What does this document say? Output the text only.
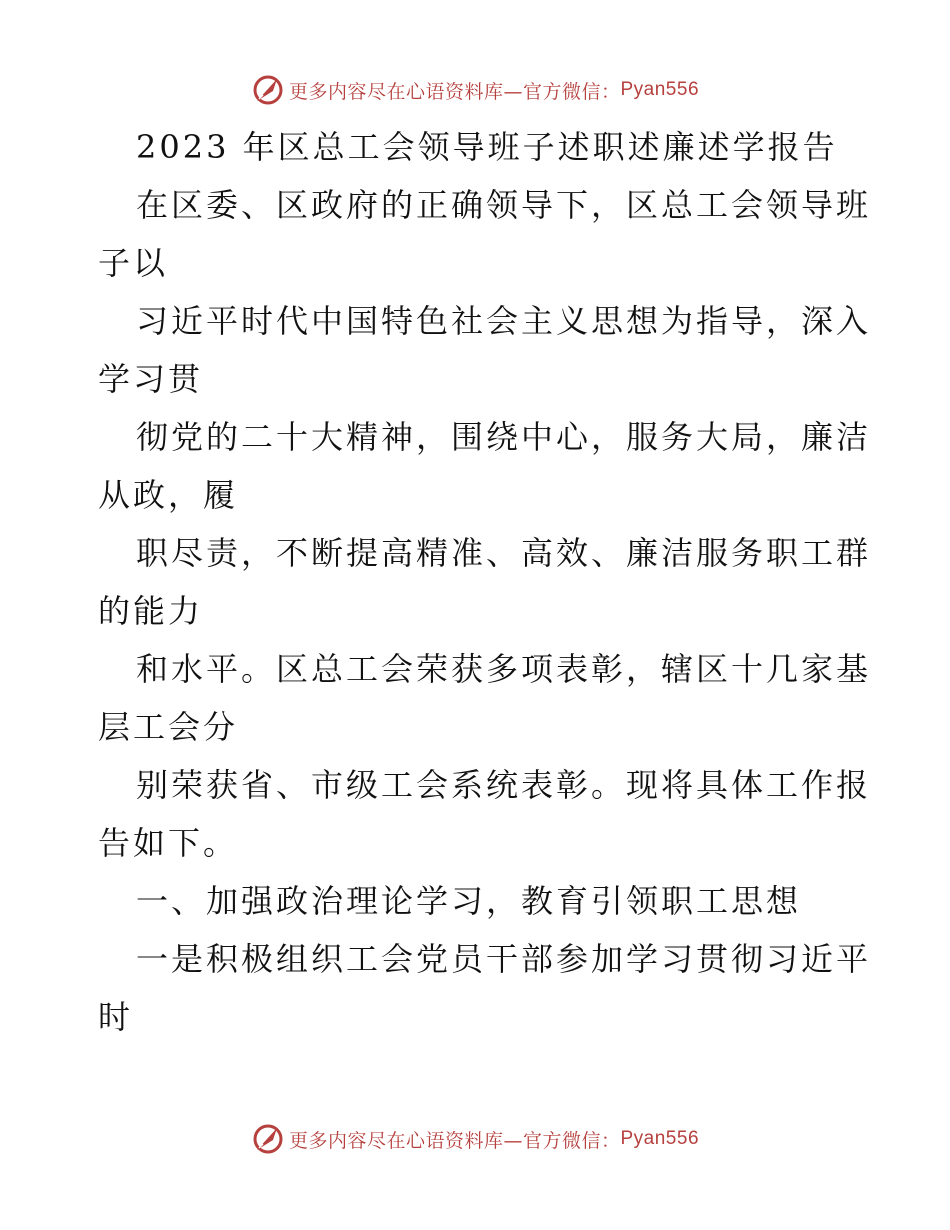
更多内容尽在心语资料库—官方微信： Pyan556
2023 年区总工会领导班子述职述廉述学报告
在区委、区政府的正确领导下，区总工会领导班
子以
习近平时代中国特色社会主义思想为指导，深入
学习贯
彻党的二十大精神，围绕中心，服务大局，廉洁
从政，履
职尽责，不断提高精准、高效、廉洁服务职工群
的能力
和水平。区总工会荣获多项表彰，辖区十几家基
层工会分
别荣获省、市级工会系统表彰。现将具体工作报
告如下。
一、加强政治理论学习，教育引领职工思想
一是积极组织工会党员干部参加学习贯彻习近平
时
更多内容尽在心语资料库—官方微信： Pyan556
